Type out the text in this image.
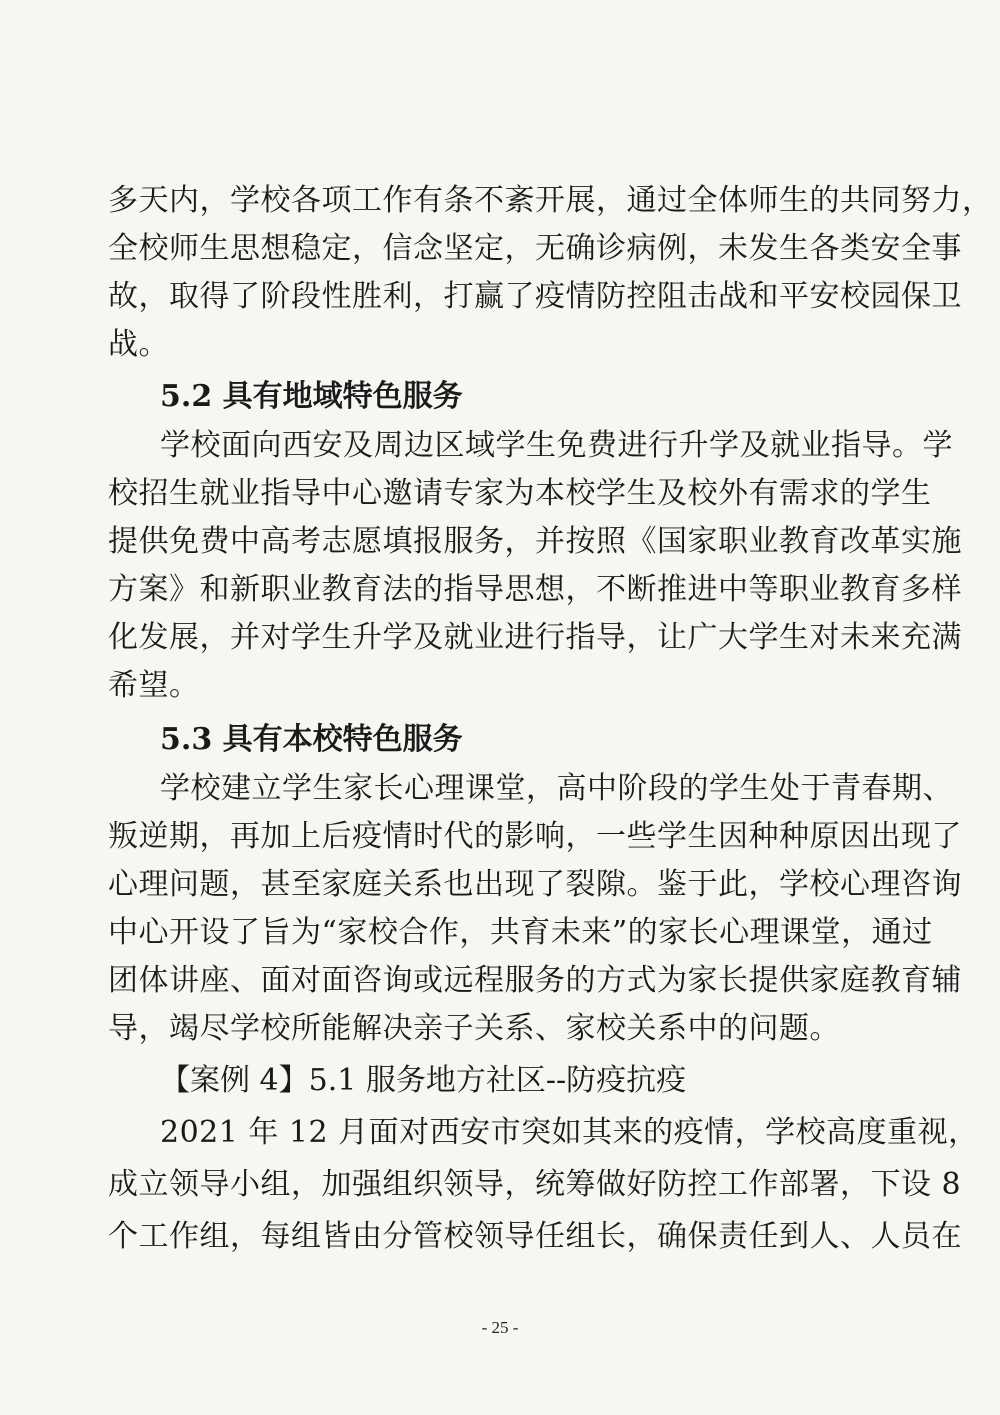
多天内，学校各项工作有条不紊开展，通过全体师生的共同努力，
全校师生思想稳定，信念坚定，无确诊病例，未发生各类安全事
故，取得了阶段性胜利，打赢了疫情防控阻击战和平安校园保卫
战。
5.2 具有地域特色服务
学校面向西安及周边区域学生免费进行升学及就业指导。学
校招生就业指导中心邀请专家为本校学生及校外有需求的学生
提供免费中高考志愿填报服务，并按照《国家职业教育改革实施
方案》和新职业教育法的指导思想，不断推进中等职业教育多样
化发展，并对学生升学及就业进行指导，让广大学生对未来充满
希望。
5.3 具有本校特色服务
学校建立学生家长心理课堂，高中阶段的学生处于青春期、
叛逆期，再加上后疫情时代的影响，一些学生因种种原因出现了
心理问题，甚至家庭关系也出现了裂隙。鉴于此，学校心理咨询
中心开设了旨为“家校合作，共育未来”的家长心理课堂，通过
团体讲座、面对面咨询或远程服务的方式为家长提供家庭教育辅
导，竭尽学校所能解决亲子关系、家校关系中的问题。
【案例 4】5.1 服务地方社区--防疫抗疫
2021 年 12 月面对西安市突如其来的疫情，学校高度重视，
成立领导小组，加强组织领导，统筹做好防控工作部署，下设 8
个工作组，每组皆由分管校领导任组长，确保责任到人、人员在
- 25 -
